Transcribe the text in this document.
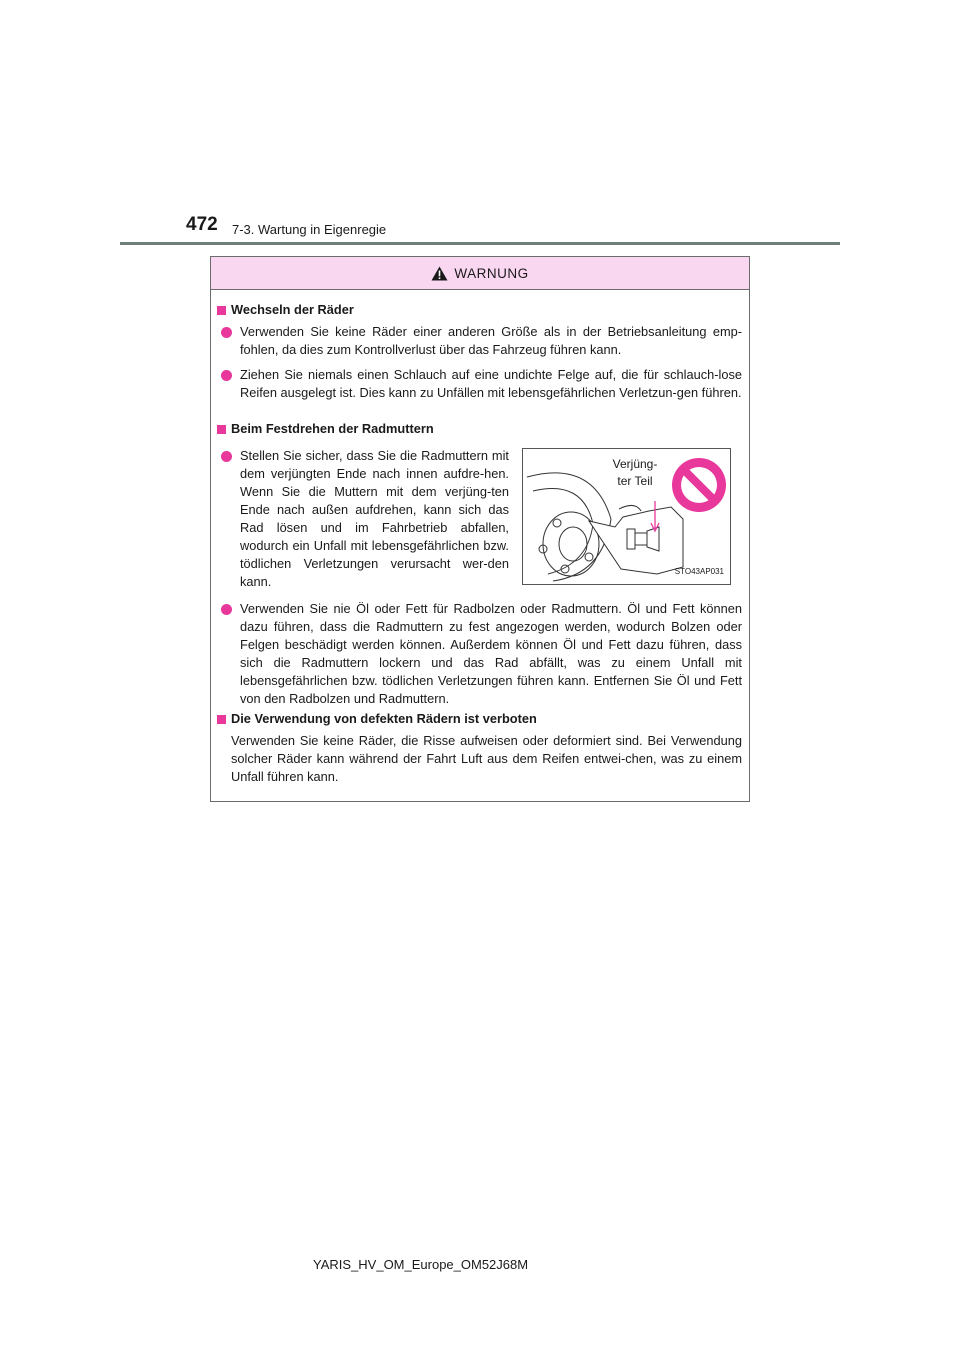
472 7-3. Wartung in Eigenregie
WARNUNG
Wechseln der Räder
Verwenden Sie keine Räder einer anderen Größe als in der Betriebsanleitung emp-fohlen, da dies zum Kontrollverlust über das Fahrzeug führen kann.
Ziehen Sie niemals einen Schlauch auf eine undichte Felge auf, die für schlauch-lose Reifen ausgelegt ist. Dies kann zu Unfällen mit lebensgefährlichen Verletzun-gen führen.
Beim Festdrehen der Radmuttern
Stellen Sie sicher, dass Sie die Radmuttern mit dem verjüngten Ende nach innen aufdre-hen. Wenn Sie die Muttern mit dem verjüng-ten Ende nach außen aufdrehen, kann sich das Rad lösen und im Fahrbetrieb abfallen, wodurch ein Unfall mit lebensgefährlichen bzw. tödlichen Verletzungen verursacht wer-den kann.
Verjüng-ter Teil
STO43AP031
Verwenden Sie nie Öl oder Fett für Radbolzen oder Radmuttern. Öl und Fett können dazu führen, dass die Radmuttern zu fest angezogen werden, wodurch Bolzen oder Felgen beschädigt werden können. Außerdem können Öl und Fett dazu führen, dass sich die Radmuttern lockern und das Rad abfällt, was zu einem Unfall mit lebensgefährlichen bzw. tödlichen Verletzungen führen kann. Entfernen Sie Öl und Fett von den Radbolzen und Radmuttern.
Die Verwendung von defekten Rädern ist verboten
Verwenden Sie keine Räder, die Risse aufweisen oder deformiert sind. Bei Verwendung solcher Räder kann während der Fahrt Luft aus dem Reifen entwei-chen, was zu einem Unfall führen kann.
YARIS_HV_OM_Europe_OM52J68M
